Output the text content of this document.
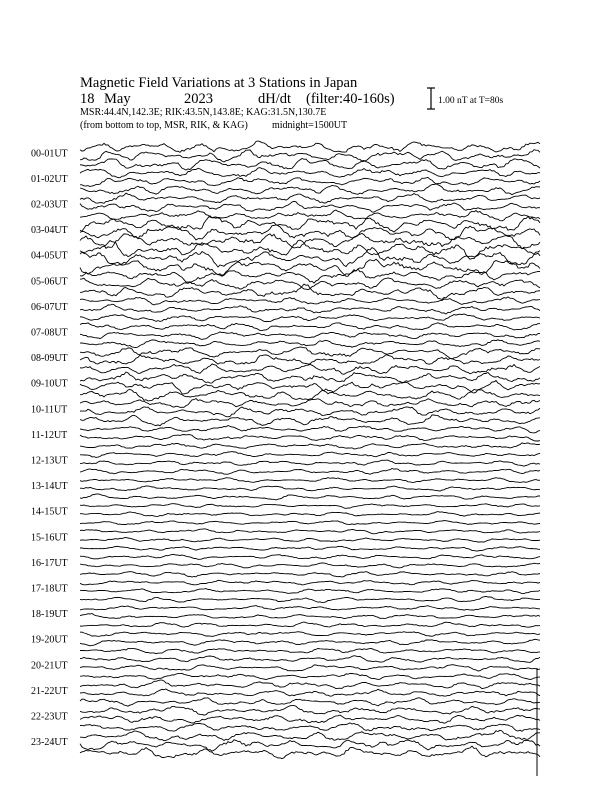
Magnetic Field Variations at 3 Stations in Japan
18 May	2023	dH/dt (filter:40-160s)
MSR:44.4N,142.3E; RIK:43.5N,143.8E; KAG:31.5N,130.7E
(from bottom to top, MSR, RIK, & KAG) midnight=1500UT
1.00 nT at T=80s
00-01UT
01-02UT
02-03UT
03-04UT
04-05UT
05-06UT
06-07UT
07-08UT
08-09UT
09-10UT
10-11UT
11-12UT
12-13UT
13-14UT
14-15UT
15-16UT
16-17UT
17-18UT
18-19UT
19-20UT
20-21UT
21-22UT
22-23UT
23-24UT
